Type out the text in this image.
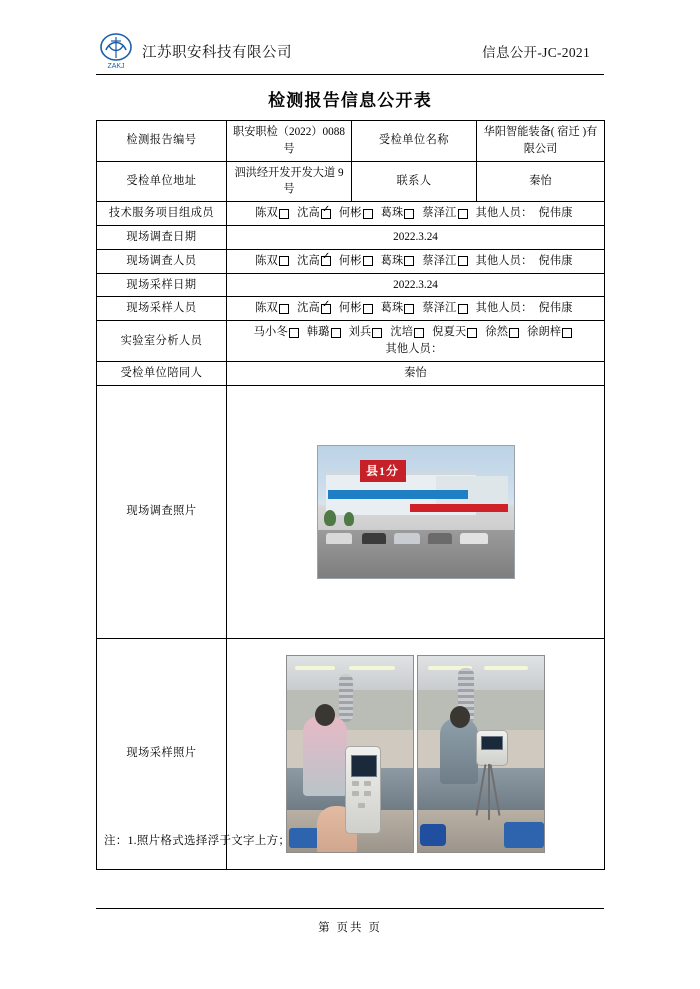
ZAKJ
江苏职安科技有限公司	信息公开-JC-2021
检测报告信息公开表
检测报告编号	职安职检（2022）0088 号	受检单位名称	华阳智能装备( 宿迁 )有限公司
受检单位地址	泗洪经开发开发大道 9 号	联系人	秦怡
技术服务项目组成员	陈双 沈高 ✓ 何彬 葛珠 蔡泽江 其他人员： 倪伟康
现场调查日期	2022.3.24		
现场调查人员	陈双 沈高 ✓ 何彬 葛珠 蔡泽江 其他人员： 倪伟康
现场采样日期	2022.3.24		
现场采样人员	陈双 沈高 ✓ 何彬 葛珠 蔡泽江 其他人员： 倪伟康
实验室分析人员	马小冬 韩璐 刘兵 沈培 倪夏天 徐然 徐朗梓
其他人员：		
受检单位陪同人	秦怡		
现场调查照片	县1分		

现场采样照片			
注：1.照片格式选择浮于文字上方；
第 页共 页
